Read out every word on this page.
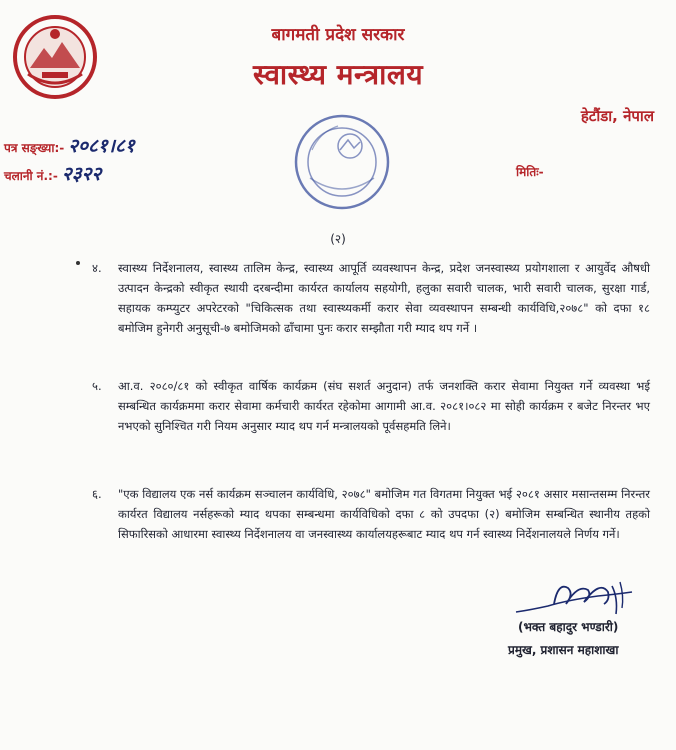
बागमती प्रदेश सरकार
स्वास्थ्य मन्त्रालय
हेटौंडा, नेपाल
पत्र सङ्ख्या:- २०८१।८१
चलानी नं.:- २३२२	मितिः-
(२)
४. स्वास्थ्य निर्देशनालय, स्वास्थ्य तालिम केन्द्र, स्वास्थ्य आपूर्ति व्यवस्थापन केन्द्र, प्रदेश जनस्वास्थ्य प्रयोगशाला र आयुर्वेद औषधी उत्पादन केन्द्रको स्वीकृत स्थायी दरबन्दीमा कार्यरत कार्यालय सहयोगी, हलुका सवारी चालक, भारी सवारी चालक, सुरक्षा गार्ड, सहायक कम्प्युटर अपरेटरको "चिकित्सक तथा स्वास्थ्यकर्मी करार सेवा व्यवस्थापन सम्बन्धी कार्यविधि,२०७८" को दफा १८ बमोजिम हुनेगरी अनुसूची-७ बमोजिमको ढाँचामा पुनः करार सम्झौता गरी म्याद थप गर्ने ।
५. आ.व. २०८०/८१ को स्वीकृत वार्षिक कार्यक्रम (संघ सशर्त अनुदान) तर्फ जनशक्ति करार सेवामा नियुक्त गर्ने व्यवस्था भई सम्बन्धित कार्यक्रममा करार सेवामा कर्मचारी कार्यरत रहेकोमा आगामी आ.व. २०८१।०८२ मा सोही कार्यक्रम र बजेट निरन्तर भए नभएको सुनिश्चित गरी नियम अनुसार म्याद थप गर्न मन्त्रालयको पूर्वसहमति लिने।
६. "एक विद्यालय एक नर्स कार्यक्रम सञ्चालन कार्यविधि, २०७८" बमोजिम गत विगतमा नियुक्त भई २०८१ असार मसान्तसम्म निरन्तर कार्यरत विद्यालय नर्सहरूको म्याद थपका सम्बन्धमा कार्यविधिको दफा ८ को उपदफा (२) बमोजिम सम्बन्धित स्थानीय तहको सिफारिसको आधारमा स्वास्थ्य निर्देशनालय वा जनस्वास्थ्य कार्यालयहरूबाट म्याद थप गर्न स्वास्थ्य निर्देशनालयले निर्णय गर्ने।
(भक्त बहादुर भण्डारी)
प्रमुख, प्रशासन महाशाखा
